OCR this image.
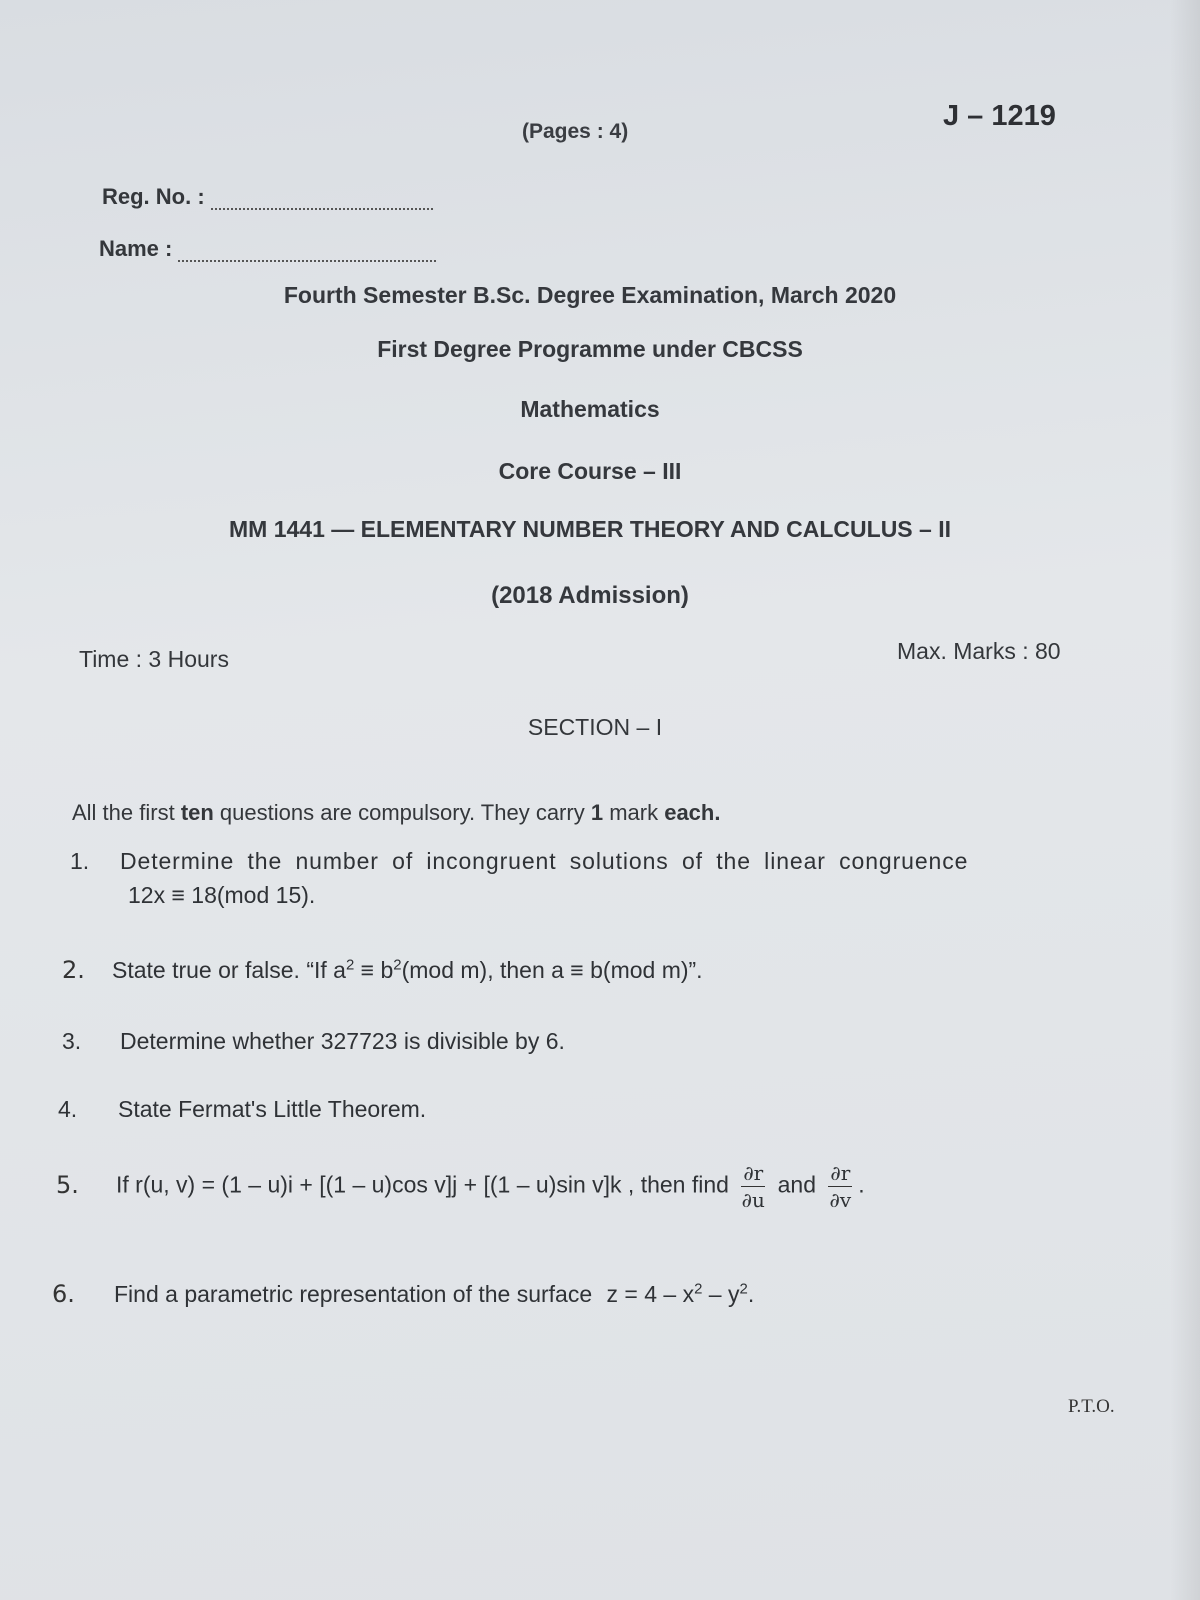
(Pages : 4)	J – 1219
Reg. No. :
Name :
Fourth Semester B.Sc. Degree Examination, March 2020
First Degree Programme under CBCSS
Mathematics
Core Course – III
MM 1441 — ELEMENTARY NUMBER THEORY AND CALCULUS – II
(2018 Admission)
Time : 3 Hours	Max. Marks : 80
SECTION – I
All the first ten questions are compulsory. They carry 1 mark each.
1. Determine the number of incongruent solutions of the linear congruence
12x ≡ 18(mod 15).
2. State true or false. “If $a^2 \equiv b^2(mod$ m), then a ≡ b(mod m)”.
3. Determine whether 327723 is divisible by 6.
4. State Fermat's Little Theorem.
5. If r(u, v) = (1 – u)i + [(1 – u)cos v]j + [(1 – u)sin v]k , then find $\frac{\partial r}{\partial u}$ and $\frac{\partial r}{\partial v}$ .
6. Find a parametric representation of the surface $z = 4 - x^2 - y^2$.
P.T.O.
